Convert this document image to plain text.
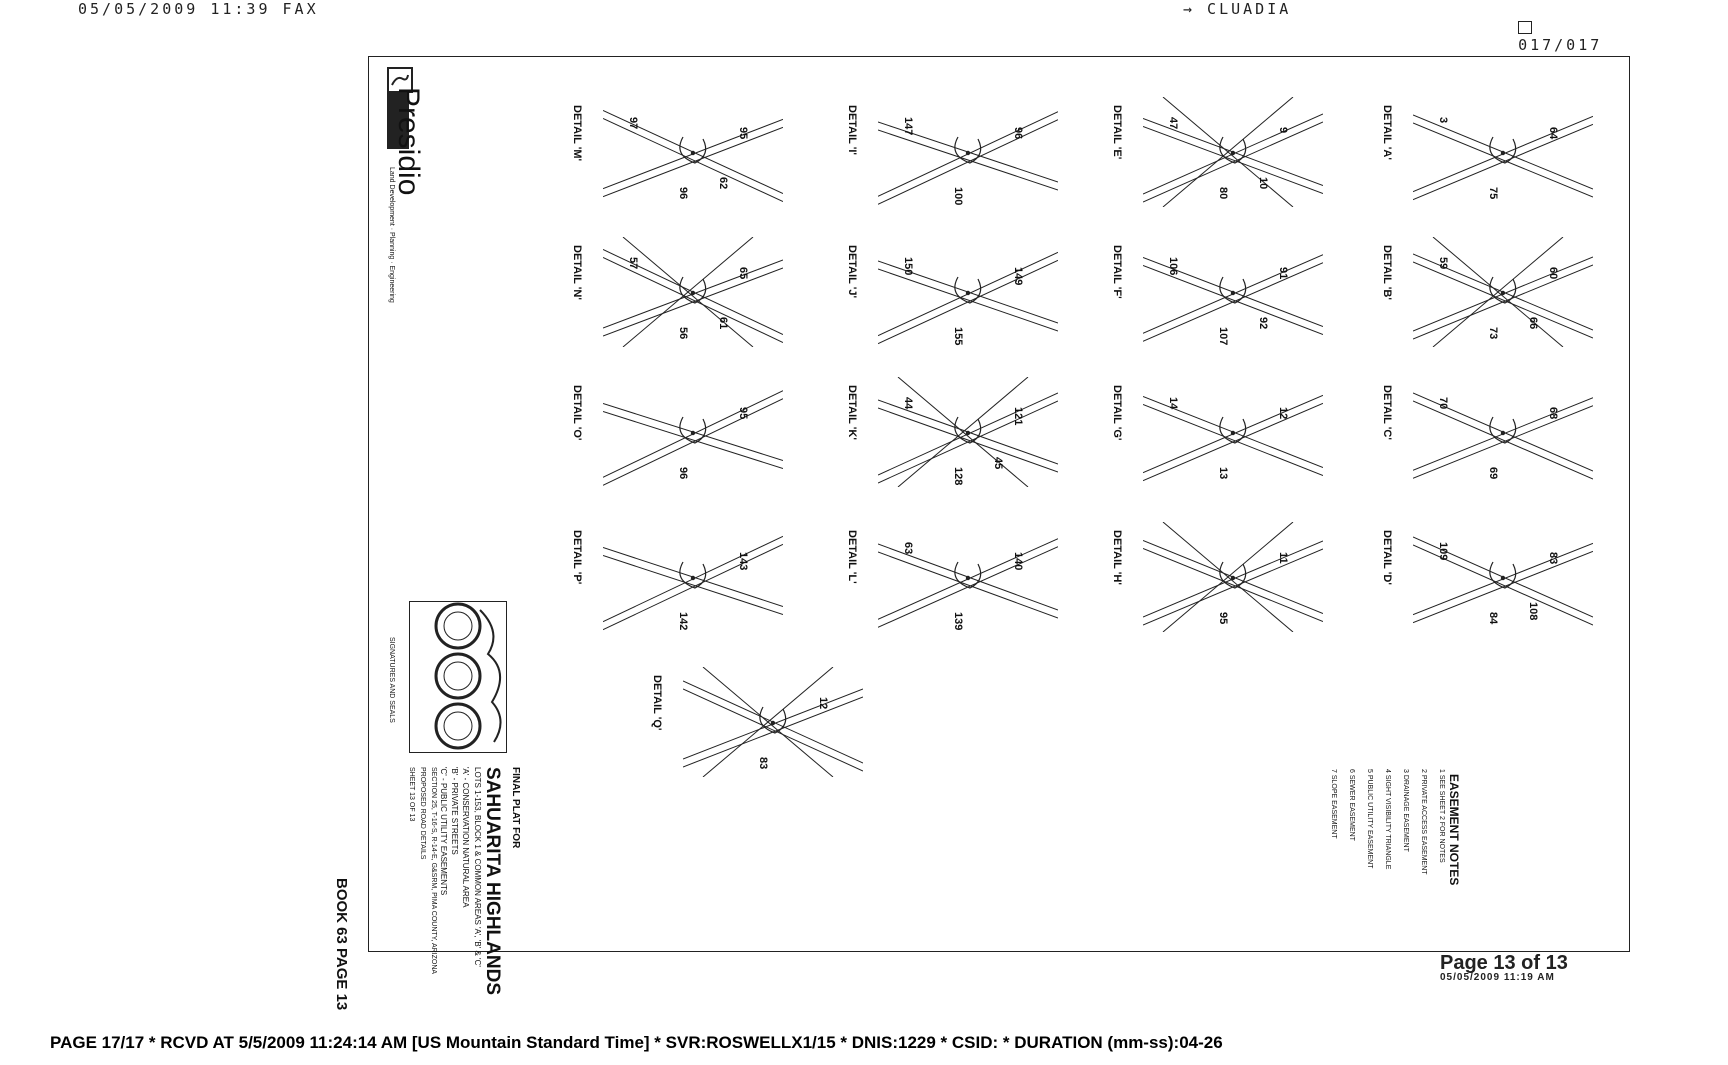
05/05/2009 11:39 FAX	→ CLUADIA

017/017

Presidio
Land Development · Planning · Engineering
DETAIL 'A'	64
75
3
DETAIL 'E'	9
80
47
10
DETAIL 'I'	96
100
147
DETAIL 'M'	95
96
97
62
DETAIL 'B'	60
73
59
66
DETAIL 'F'	91
107
106
92
DETAIL 'J'	149
155
150
DETAIL 'N'	65
56
57
61
DETAIL 'C'	68
69
70
DETAIL 'G'	12
13
14
DETAIL 'K'	121
128
44
45
DETAIL 'O'	95
96
DETAIL 'D'	83
84
109
108
DETAIL 'H'	11
95
DETAIL 'L'	140
139
63
DETAIL 'P'	143
142
DETAIL 'Q'	12
83
SIGNATURES AND SEALS
FINAL PLAT FOR
SAHUARITA HIGHLANDS
LOTS 1-153, BLOCK 1 & COMMON AREAS 'A', 'B' & 'C'
'A' - CONSERVATION NATURAL AREA
'B' - PRIVATE STREETS
'C' - PUBLIC UTILITY EASEMENTS
SECTION 25, T-16-S, R-14-E, G&SRM, PIMA COUNTY, ARIZONA
PROPOSED ROAD DETAILS
SHEET 13 OF 13	EASEMENT NOTES
1 SEE SHEET 2 FOR NOTES
2 PRIVATE ACCESS EASEMENT
3 DRAINAGE EASEMENT
4 SIGHT VISIBILITY TRIANGLE
5 PUBLIC UTILITY EASEMENT
6 SEWER EASEMENT
7 SLOPE EASEMENT
BOOK 63 PAGE 13	Page 13 of 13
05/05/2009 11:19 AM
PAGE 17/17 * RCVD AT 5/5/2009 11:24:14 AM [US Mountain Standard Time] * SVR:ROSWELLX1/15 * DNIS:1229 * CSID: * DURATION (mm-ss):04-26
